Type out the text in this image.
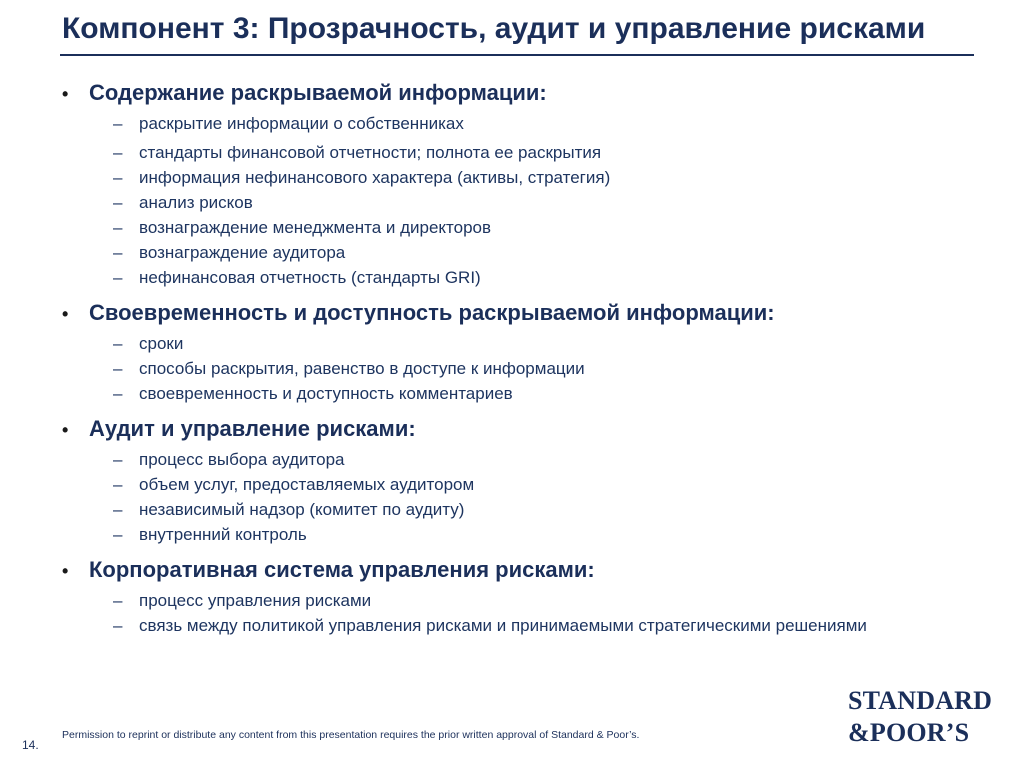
Компонент 3: Прозрачность, аудит и управление рисками
• Содержание раскрываемой информации:
– раскрытие информации о собственниках
– стандарты финансовой отчетности; полнота ее раскрытия
– информация нефинансового характера (активы, стратегия)
– анализ рисков
– вознаграждение менеджмента и директоров
– вознаграждение аудитора
– нефинансовая отчетность (стандарты GRI)
• Своевременность и доступность раскрываемой информации:
– сроки
– способы раскрытия, равенство в доступе к информации
– своевременность и доступность комментариев
• Аудит и управление рисками:
– процесс выбора аудитора
– объем услуг, предоставляемых аудитором
– независимый надзор (комитет по аудиту)
– внутренний контроль
• Корпоративная система управления рисками:
– процесс управления рисками
– связь между политикой управления рисками и принимаемыми стратегическими решениями
14.
Permission to reprint or distribute any content from this presentation requires the prior written approval of Standard & Poor’s.
STANDARD
&POOR’S
